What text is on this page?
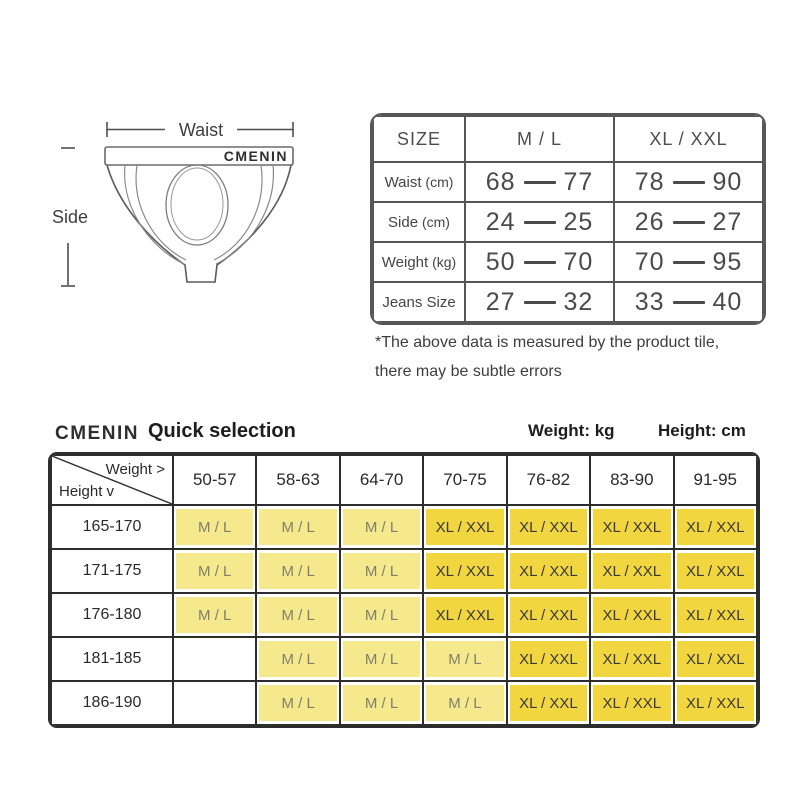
Waist
Side
CMENIN
SIZE	M / L	XL / XXL
Waist (cm)	68 77	78 90

Side (cm)	24 25	26 27

Weight (kg)	50 70	70 95

Jeans Size	27 32	33 40
*The above data is measured by the product tile,
there may be subtle errors
CMENIN Quick selection	Weight: kg	Height: cm
Weight >
Height v	50-57	58-63	64-70	70-75	76-82	83-90	91-95
165-170	M / L	M / L	M / L	XL / XXL	XL / XXL	XL / XXL	XL / XXL

171-175	M / L	M / L	M / L	XL / XXL	XL / XXL	XL / XXL	XL / XXL

176-180	M / L	M / L	M / L	XL / XXL	XL / XXL	XL / XXL	XL / XXL

181-185		M / L	M / L	M / L	XL / XXL	XL / XXL	XL / XXL

186-190		M / L	M / L	M / L	XL / XXL	XL / XXL	XL / XXL
